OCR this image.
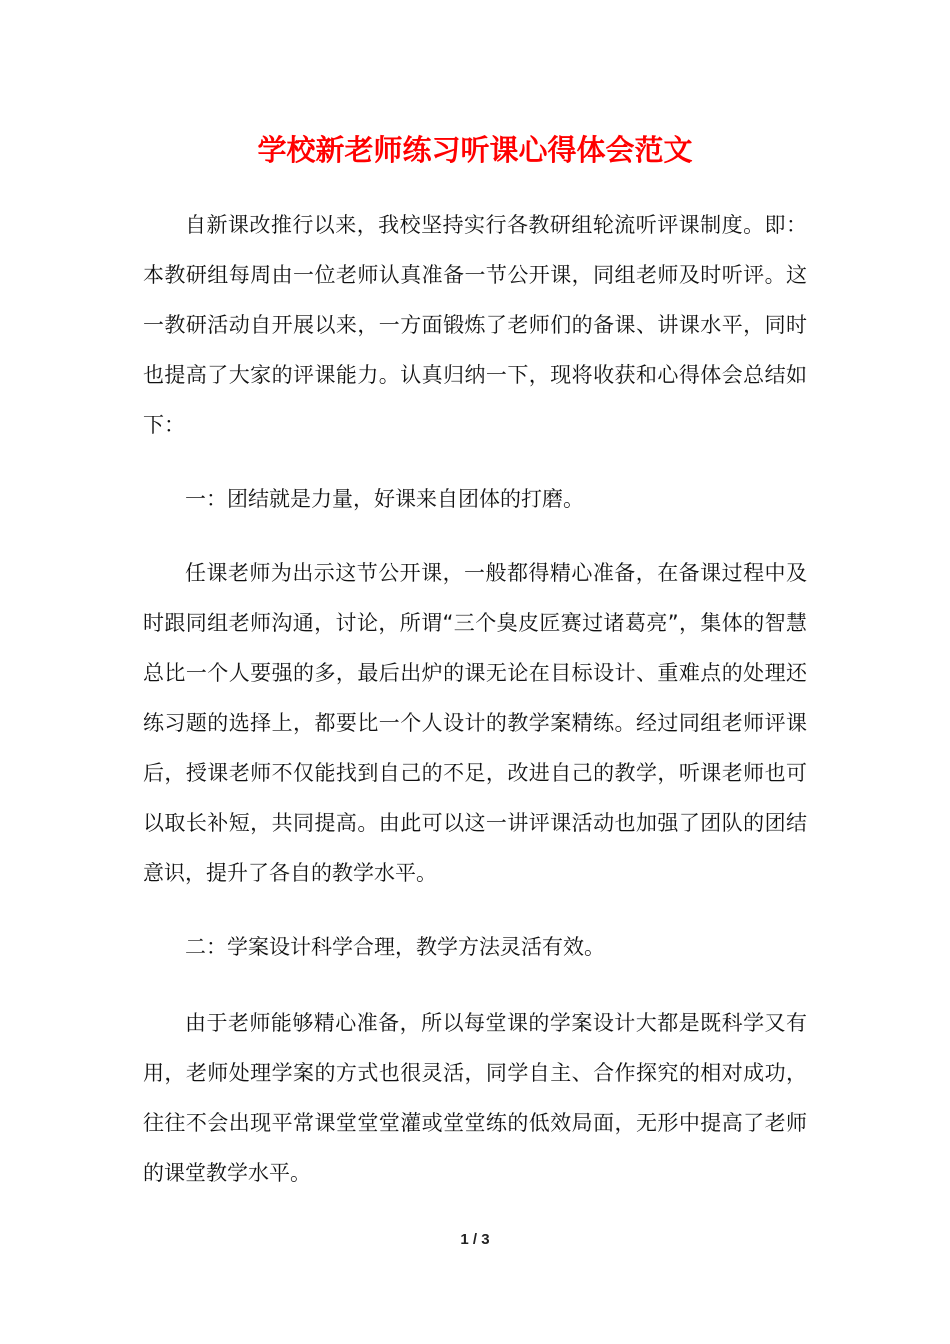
学校新老师练习听课心得体会范文

自新课改推行以来，我校坚持实行各教研组轮流听评课制度。即：本教研组每周由一位老师认真准备一节公开课，同组老师及时听评。这一教研活动自开展以来，一方面锻炼了老师们的备课、讲课水平，同时也提高了大家的评课能力。认真归纳一下，现将收获和心得体会总结如下：

一：团结就是力量，好课来自团体的打磨。

任课老师为出示这节公开课，一般都得精心准备，在备课过程中及时跟同组老师沟通，讨论，所谓“三个臭皮匠赛过诸葛亮”，集体的智慧总比一个人要强的多，最后出炉的课无论在目标设计、重难点的处理还练习题的选择上，都要比一个人设计的教学案精练。经过同组老师评课后，授课老师不仅能找到自己的不足，改进自己的教学，听课老师也可以取长补短，共同提高。由此可以这一讲评课活动也加强了团队的团结意识，提升了各自的教学水平。

二：学案设计科学合理，教学方法灵活有效。

由于老师能够精心准备，所以每堂课的学案设计大都是既科学又有用，老师处理学案的方式也很灵活，同学自主、合作探究的相对成功，往往不会出现平常课堂堂堂灌或堂堂练的低效局面，无形中提高了老师的课堂教学水平。

1 / 3
